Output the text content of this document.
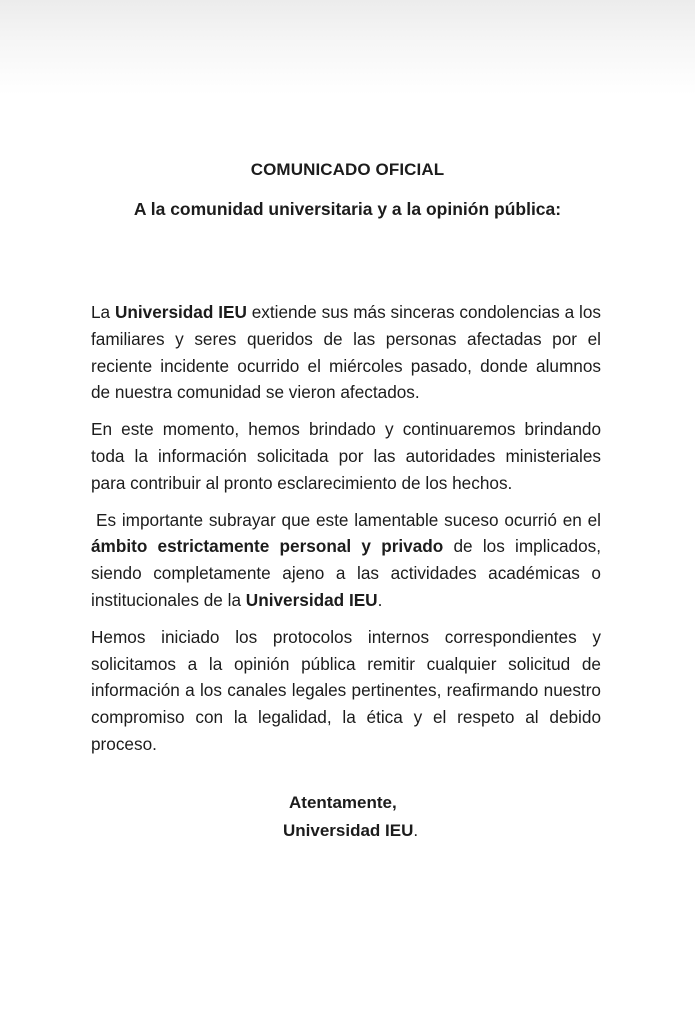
COMUNICADO OFICIAL
A la comunidad universitaria y a la opinión pública:

La Universidad IEU extiende sus más sinceras condolencias a los familiares y seres queridos de las personas afectadas por el reciente incidente ocurrido el miércoles pasado, donde alumnos de nuestra comunidad se vieron afectados.

En este momento, hemos brindado y continuaremos brindando toda la información solicitada por las autoridades ministeriales para contribuir al pronto esclarecimiento de los hechos.

Es importante subrayar que este lamentable suceso ocurrió en el ámbito estrictamente personal y privado de los implicados, siendo completamente ajeno a las actividades académicas o institucionales de la Universidad IEU.

Hemos iniciado los protocolos internos correspondientes y solicitamos a la opinión pública remitir cualquier solicitud de información a los canales legales pertinentes, reafirmando nuestro compromiso con la legalidad, la ética y el respeto al debido proceso.

Atentamente,
Universidad IEU.
